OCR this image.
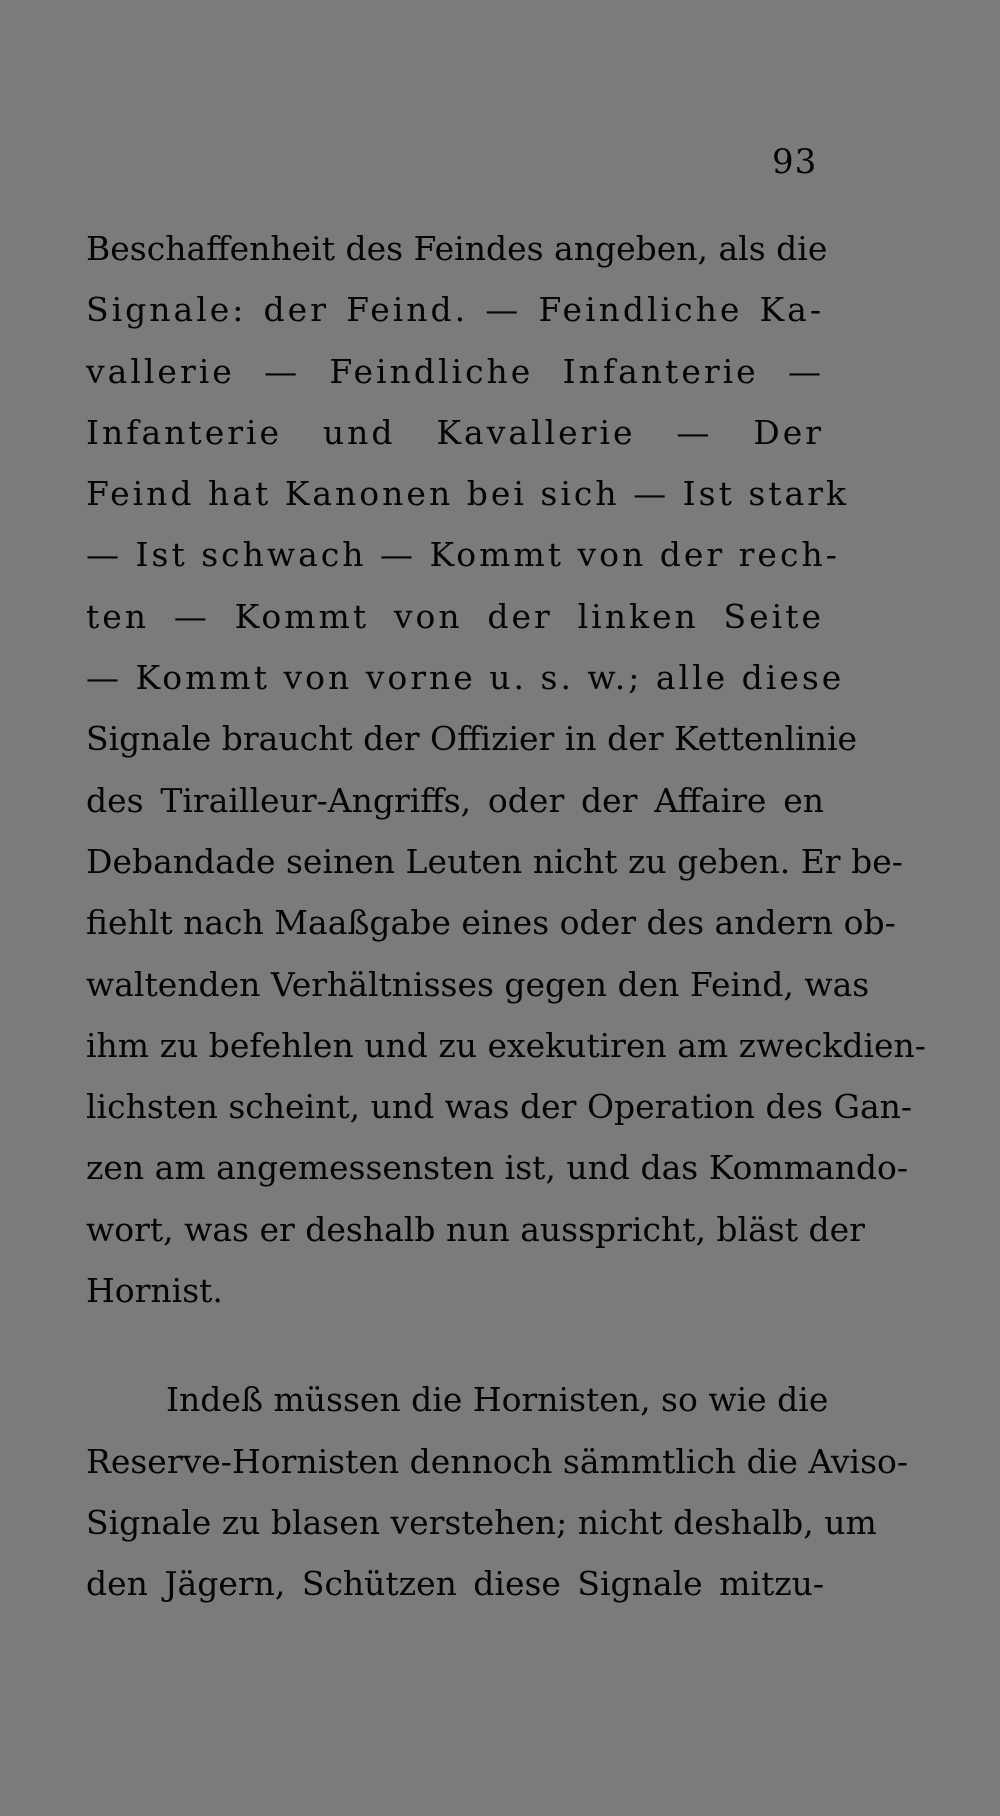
93
Beschaffenheit des Feindes angeben, als die
Signale: der Feind. — Feindliche Ka-
vallerie — Feindliche Infanterie —
Infanterie und Kavallerie — Der
Feind hat Kanonen bei sich — Ist stark
— Ist schwach — Kommt von der rech-
ten — Kommt von der linken Seite
— Kommt von vorne u. s. w.; alle diese
Signale braucht der Offizier in der Kettenlinie
des Tirailleur-Angriffs, oder der Affaire en
Debandade seinen Leuten nicht zu geben. Er be-
fiehlt nach Maaßgabe eines oder des andern ob-
waltenden Verhältnisses gegen den Feind, was
ihm zu befehlen und zu exekutiren am zweckdien-
lichsten scheint, und was der Operation des Gan-
zen am angemessensten ist, und das Kommando-
wort, was er deshalb nun ausspricht, bläst der
Hornist.
Indeß müssen die Hornisten, so wie die
Reserve-Hornisten dennoch sämmtlich die Aviso-
Signale zu blasen verstehen; nicht deshalb, um
den Jägern, Schützen diese Signale mitzu-
